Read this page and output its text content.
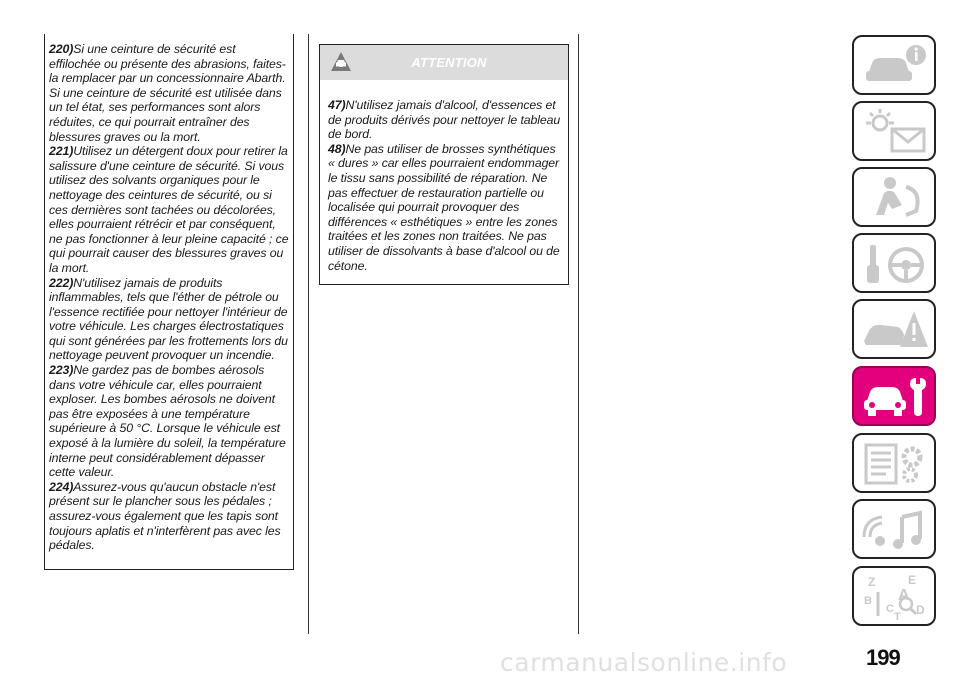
220)Si une ceinture de sécurité est effilochée ou présente des abrasions, faites-la remplacer par un concessionnaire Abarth. Si une ceinture de sécurité est utilisée dans un tel état, ses performances sont alors réduites, ce qui pourrait entraîner des blessures graves ou la mort.

221)Utilisez un détergent doux pour retirer la salissure d'une ceinture de sécurité. Si vous utilisez des solvants organiques pour le nettoyage des ceintures de sécurité, ou si ces dernières sont tachées ou décolorées, elles pourraient rétrécir et par conséquent, ne pas fonctionner à leur pleine capacité ; ce qui pourrait causer des blessures graves ou la mort.

222)N'utilisez jamais de produits inflammables, tels que l'éther de pétrole ou l'essence rectifiée pour nettoyer l'intérieur de votre véhicule. Les charges électrostatiques qui sont générées par les frottements lors du nettoyage peuvent provoquer un incendie.

223)Ne gardez pas de bombes aérosols dans votre véhicule car, elles pourraient exploser. Les bombes aérosols ne doivent pas être exposées à une température supérieure à 50 °C. Lorsque le véhicule est exposé à la lumière du soleil, la température interne peut considérablement dépasser cette valeur.

224)Assurez-vous qu'aucun obstacle n'est présent sur le plancher sous les pédales ; assurez-vous également que les tapis sont toujours aplatis et n'interfèrent pas avec les pédales.

ATTENTION

47)N'utilisez jamais d'alcool, d'essences et de produits dérivés pour nettoyer le tableau de bord.

48)Ne pas utiliser de brosses synthétiques « dures » car elles pourraient endommager le tissu sans possibilité de réparation. Ne pas effectuer de restauration partielle ou localisée qui pourrait provoquer des différences « esthétiques » entre les zones traitées et les zones non traitées. Ne pas utiliser de dissolvants à base d'alcool ou de cétone.

Z	E
B A
C D
T
carmanualsonline.info	199
